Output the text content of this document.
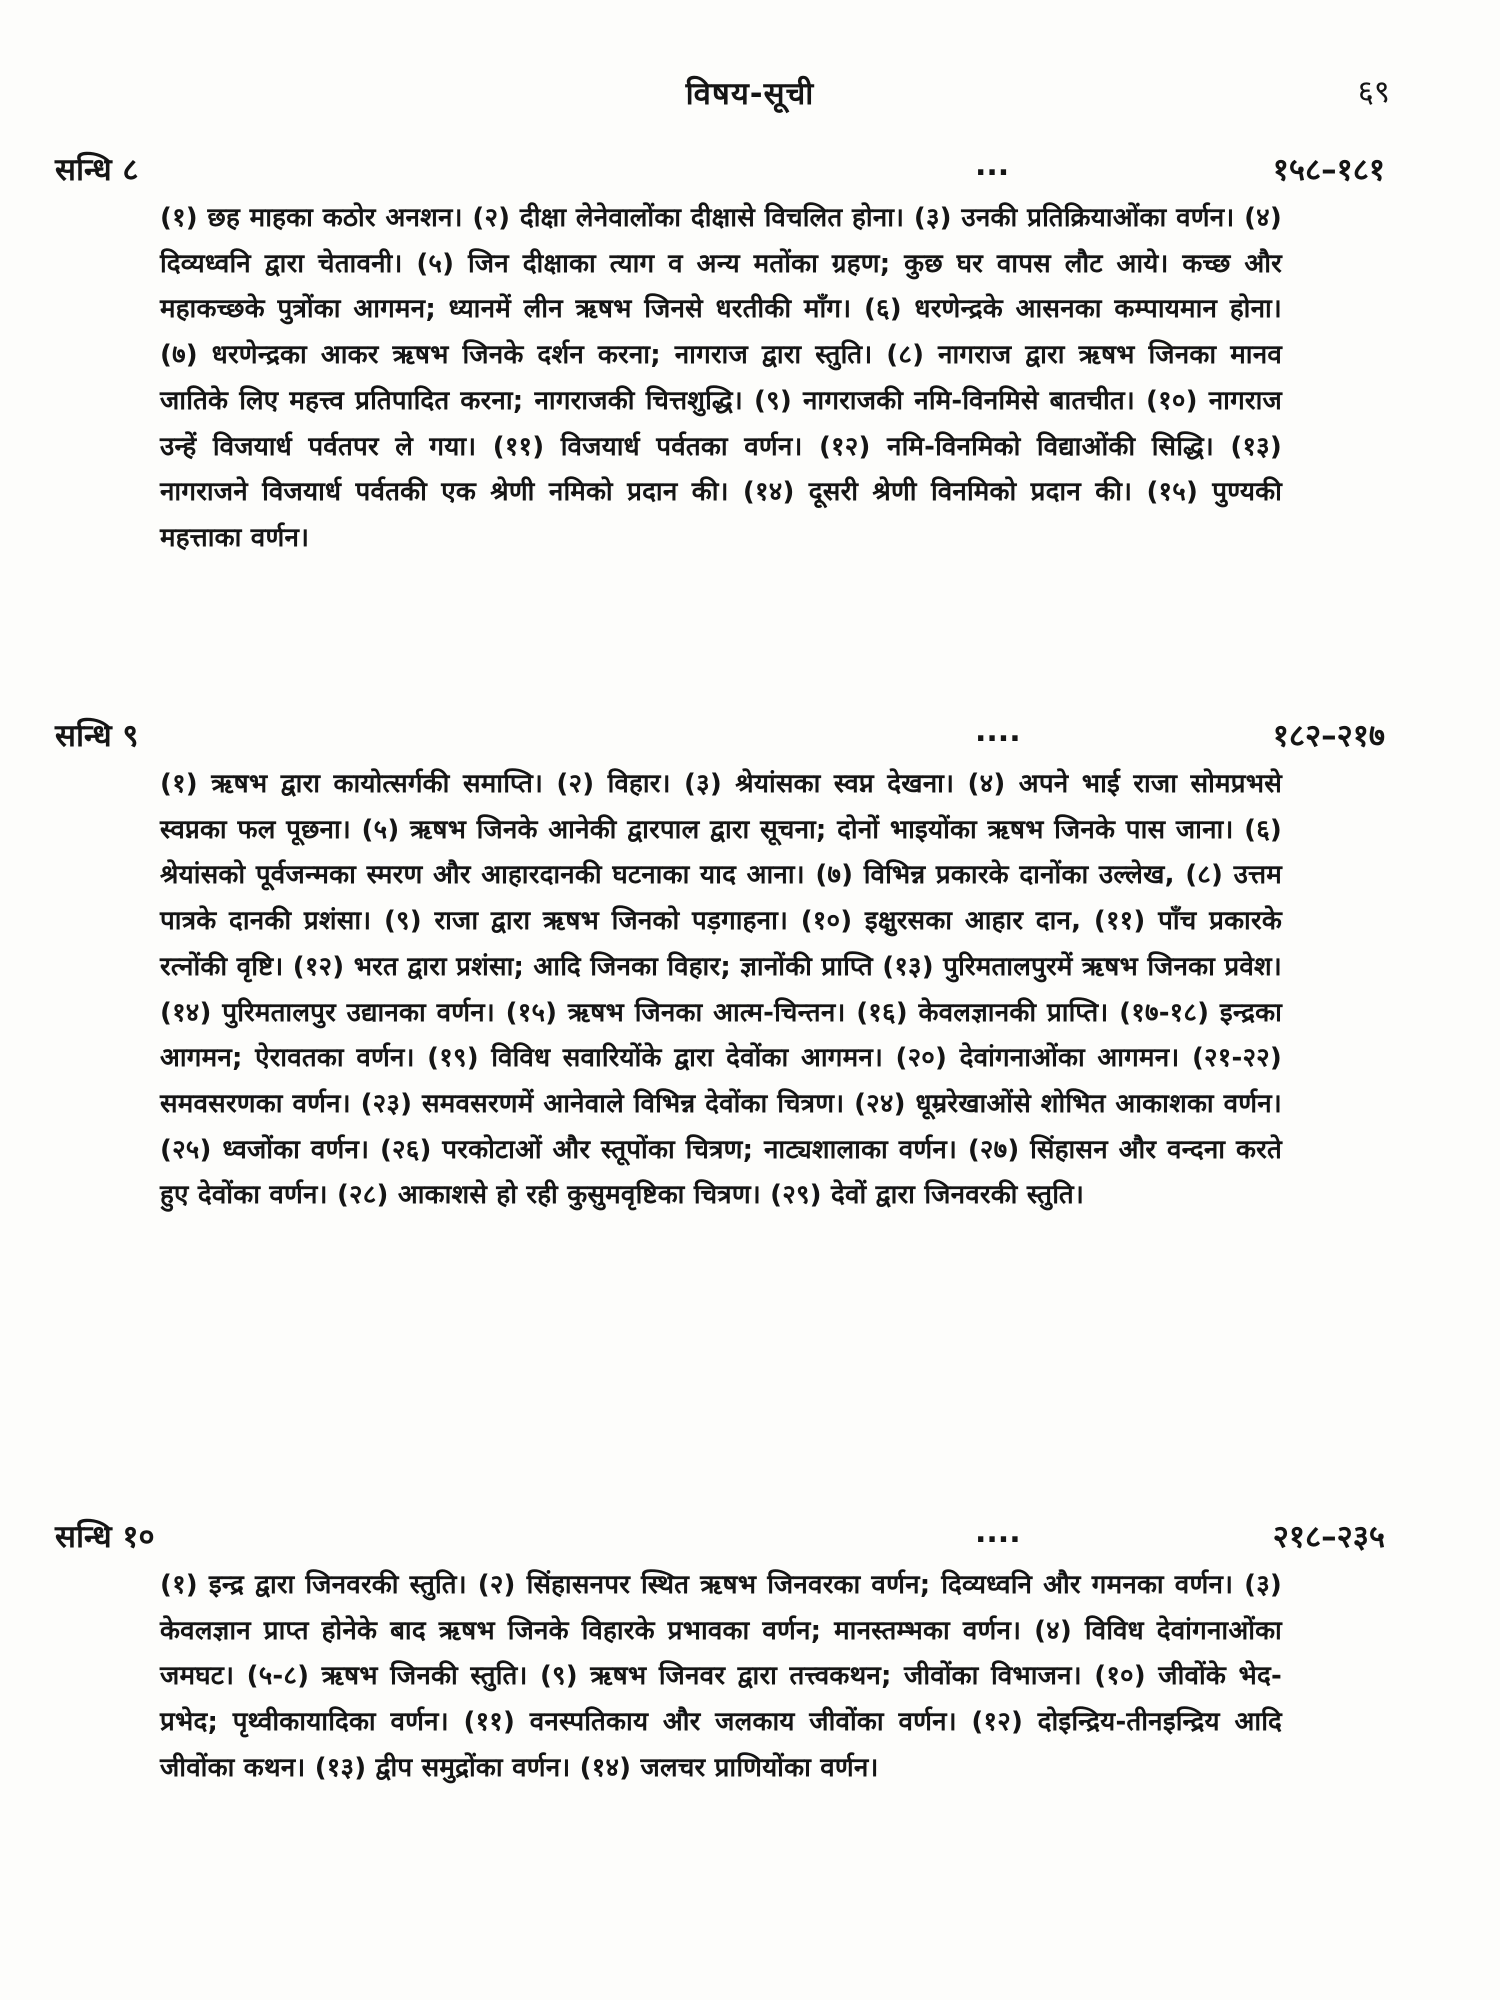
विषय-सूची	६९
सन्धि ८	...	१५८–१८१
(१) छह माहका कठोर अनशन। (२) दीक्षा लेनेवालोंका दीक्षासे विचलित होना। (३) उनकी प्रतिक्रियाओंका वर्णन। (४) दिव्यध्वनि द्वारा चेतावनी। (५) जिन दीक्षाका त्याग व अन्य मतोंका ग्रहण; कुछ घर वापस लौट आये। कच्छ और महाकच्छके पुत्रोंका आगमन; ध्यानमें लीन ऋषभ जिनसे धरतीकी माँग। (६) धरणेन्द्रके आसनका कम्पायमान होना। (७) धरणेन्द्रका आकर ऋषभ जिनके दर्शन करना; नागराज द्वारा स्तुति। (८) नागराज द्वारा ऋषभ जिनका मानव जातिके लिए महत्त्व प्रतिपादित करना; नागराजकी चित्तशुद्धि। (९) नागराजकी नमि-विनमिसे बातचीत। (१०) नागराज उन्हें विजयार्ध पर्वतपर ले गया। (११) विजयार्ध पर्वतका वर्णन। (१२) नमि-विनमिको विद्याओंकी सिद्धि। (१३) नागराजने विजयार्ध पर्वतकी एक श्रेणी नमिको प्रदान की। (१४) दूसरी श्रेणी विनमिको प्रदान की। (१५) पुण्यकी महत्ताका वर्णन।
सन्धि ९	....	१८२–२१७
(१) ऋषभ द्वारा कायोत्सर्गकी समाप्ति। (२) विहार। (३) श्रेयांसका स्वप्न देखना। (४) अपने भाई राजा सोमप्रभसे स्वप्नका फल पूछना। (५) ऋषभ जिनके आनेकी द्वारपाल द्वारा सूचना; दोनों भाइयोंका ऋषभ जिनके पास जाना। (६) श्रेयांसको पूर्वजन्मका स्मरण और आहारदानकी घटनाका याद आना। (७) विभिन्न प्रकारके दानोंका उल्लेख, (८) उत्तम पात्रके दानकी प्रशंसा। (९) राजा द्वारा ऋषभ जिनको पड़गाहना। (१०) इक्षुरसका आहार दान, (११) पाँच प्रकारके रत्नोंकी वृष्टि। (१२) भरत द्वारा प्रशंसा; आदि जिनका विहार; ज्ञानोंकी प्राप्ति (१३) पुरिमतालपुरमें ऋषभ जिनका प्रवेश। (१४) पुरिमतालपुर उद्यानका वर्णन। (१५) ऋषभ जिनका आत्म-चिन्तन। (१६) केवलज्ञानकी प्राप्ति। (१७-१८) इन्द्रका आगमन; ऐरावतका वर्णन। (१९) विविध सवारियोंके द्वारा देवोंका आगमन। (२०) देवांगनाओंका आगमन। (२१-२२) समवसरणका वर्णन। (२३) समवसरणमें आनेवाले विभिन्न देवोंका चित्रण। (२४) धूम्ररेखाओंसे शोभित आकाशका वर्णन। (२५) ध्वजोंका वर्णन। (२६) परकोटाओं और स्तूपोंका चित्रण; नाट्यशालाका वर्णन। (२७) सिंहासन और वन्दना करते हुए देवोंका वर्णन। (२८) आकाशसे हो रही कुसुमवृष्टिका चित्रण। (२९) देवों द्वारा जिनवरकी स्तुति।
सन्धि १०	....	२१८–२३५
(१) इन्द्र द्वारा जिनवरकी स्तुति। (२) सिंहासनपर स्थित ऋषभ जिनवरका वर्णन; दिव्यध्वनि और गमनका वर्णन। (३) केवलज्ञान प्राप्त होनेके बाद ऋषभ जिनके विहारके प्रभावका वर्णन; मानस्तम्भका वर्णन। (४) विविध देवांगनाओंका जमघट। (५-८) ऋषभ जिनकी स्तुति। (९) ऋषभ जिनवर द्वारा तत्त्वकथन; जीवोंका विभाजन। (१०) जीवोंके भेद-प्रभेद; पृथ्वीकायादिका वर्णन। (११) वनस्पतिकाय और जलकाय जीवोंका वर्णन। (१२) दोइन्द्रिय-तीनइन्द्रिय आदि जीवोंका कथन। (१३) द्वीप समुद्रोंका वर्णन। (१४) जलचर प्राणियोंका वर्णन।
